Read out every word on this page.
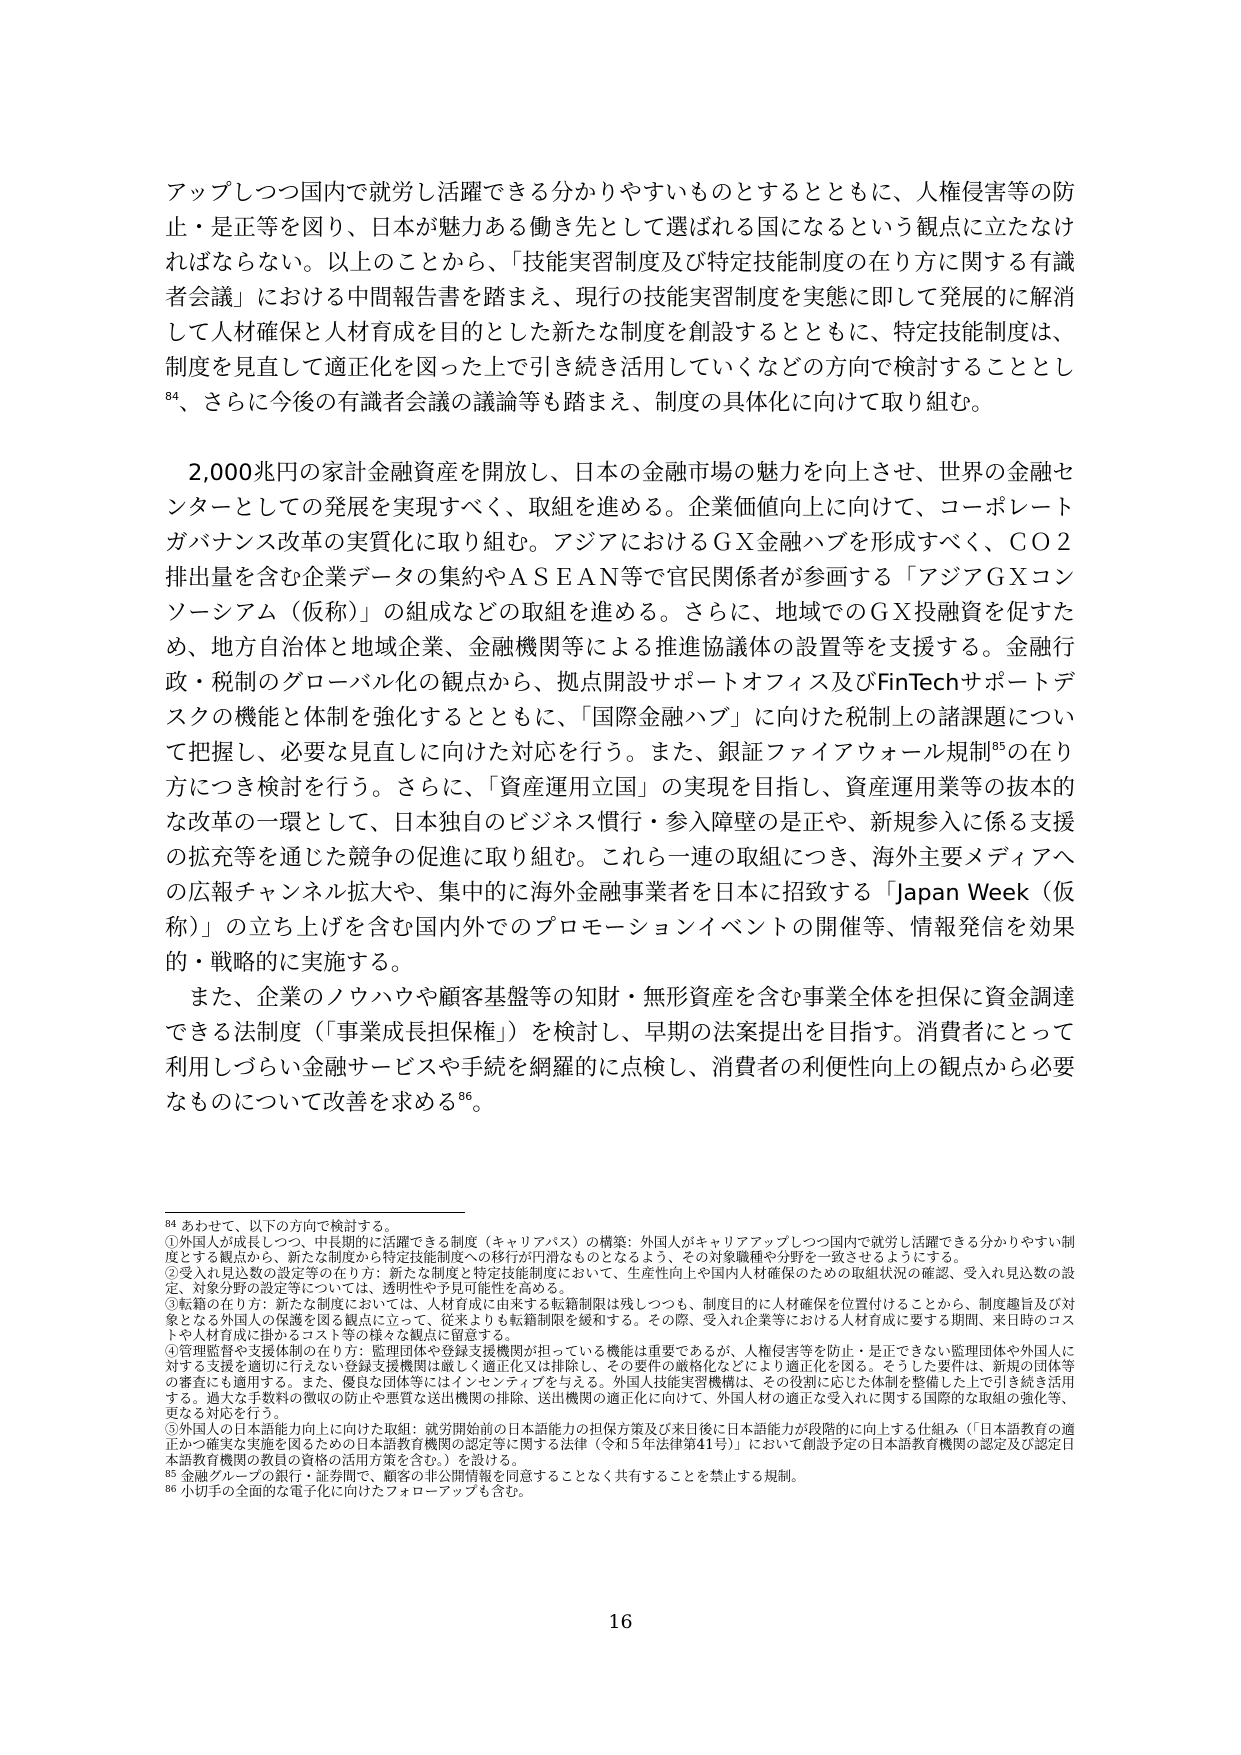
アップしつつ国内で就労し活躍できる分かりやすいものとするとともに、人権侵害等の防止・是正等を図り、日本が魅力ある働き先として選ばれる国になるという観点に立たなければならない。以上のことから、「技能実習制度及び特定技能制度の在り方に関する有識者会議」における中間報告書を踏まえ、現行の技能実習制度を実態に即して発展的に解消して人材確保と人材育成を目的とした新たな制度を創設するとともに、特定技能制度は、制度を見直して適正化を図った上で引き続き活用していくなどの方向で検討することとし$^{84}$、さらに今後の有識者会議の議論等も踏まえ、制度の具体化に向けて取り組む。

2,000兆円の家計金融資産を開放し、日本の金融市場の魅力を向上させ、世界の金融センターとしての発展を実現すべく、取組を進める。企業価値向上に向けて、コーポレートガバナンス改革の実質化に取り組む。アジアにおけるＧＸ金融ハブを形成すべく、ＣＯ２排出量を含む企業データの集約やＡＳＥＡＮ等で官民関係者が参画する「アジアＧＸコンソーシアム（仮称）」の組成などの取組を進める。さらに、地域でのＧＸ投融資を促すため、地方自治体と地域企業、金融機関等による推進協議体の設置等を支援する。金融行政・税制のグローバル化の観点から、拠点開設サポートオフィス及びFinTechサポートデスクの機能と体制を強化するとともに、「国際金融ハブ」に向けた税制上の諸課題について把握し、必要な見直しに向けた対応を行う。また、銀証ファイアウォール規制$^{85}$の在り方につき検討を行う。さらに、「資産運用立国」の実現を目指し、資産運用業等の抜本的な改革の一環として、日本独自のビジネス慣行・参入障壁の是正や、新規参入に係る支援の拡充等を通じた競争の促進に取り組む。これら一連の取組につき、海外主要メディアへの広報チャンネル拡大や、集中的に海外金融事業者を日本に招致する「Japan Week（仮称）」の立ち上げを含む国内外でのプロモーションイベントの開催等、情報発信を効果的・戦略的に実施する。

また、企業のノウハウや顧客基盤等の知財・無形資産を含む事業全体を担保に資金調達できる法制度（「事業成長担保権」）を検討し、早期の法案提出を目指す。消費者にとって利用しづらい金融サービスや手続を網羅的に点検し、消費者の利便性向上の観点から必要なものについて改善を求める$^{86}$。

$^{84}$ あわせて、以下の方向で検討する。

①外国人が成長しつつ、中長期的に活躍できる制度（キャリアパス）の構築：外国人がキャリアアップしつつ国内で就労し活躍できる分かりやすい制度とする観点から、新たな制度から特定技能制度への移行が円滑なものとなるよう、その対象職種や分野を一致させるようにする。

②受入れ見込数の設定等の在り方：新たな制度と特定技能制度において、生産性向上や国内人材確保のための取組状況の確認、受入れ見込数の設定、対象分野の設定等については、透明性や予見可能性を高める。

③転籍の在り方：新たな制度においては、人材育成に由来する転籍制限は残しつつも、制度目的に人材確保を位置付けることから、制度趣旨及び対象となる外国人の保護を図る観点に立って、従来よりも転籍制限を緩和する。その際、受入れ企業等における人材育成に要する期間、来日時のコストや人材育成に掛かるコスト等の様々な観点に留意する。

④管理監督や支援体制の在り方：監理団体や登録支援機関が担っている機能は重要であるが、人権侵害等を防止・是正できない監理団体や外国人に対する支援を適切に行えない登録支援機関は厳しく適正化又は排除し、その要件の厳格化などにより適正化を図る。そうした要件は、新規の団体等の審査にも適用する。また、優良な団体等にはインセンティブを与える。外国人技能実習機構は、その役割に応じた体制を整備した上で引き続き活用する。過大な手数料の徴収の防止や悪質な送出機関の排除、送出機関の適正化に向けて、外国人材の適正な受入れに関する国際的な取組の強化等、更なる対応を行う。

⑤外国人の日本語能力向上に向けた取組：就労開始前の日本語能力の担保方策及び来日後に日本語能力が段階的に向上する仕組み（「日本語教育の適正かつ確実な実施を図るための日本語教育機関の認定等に関する法律（令和５年法律第41号）」において創設予定の日本語教育機関の認定及び認定日本語教育機関の教員の資格の活用方策を含む。）を設ける。

$^{85}$ 金融グループの銀行・証券間で、顧客の非公開情報を同意することなく共有することを禁止する規制。

$^{86}$ 小切手の全面的な電子化に向けたフォローアップも含む。

16
